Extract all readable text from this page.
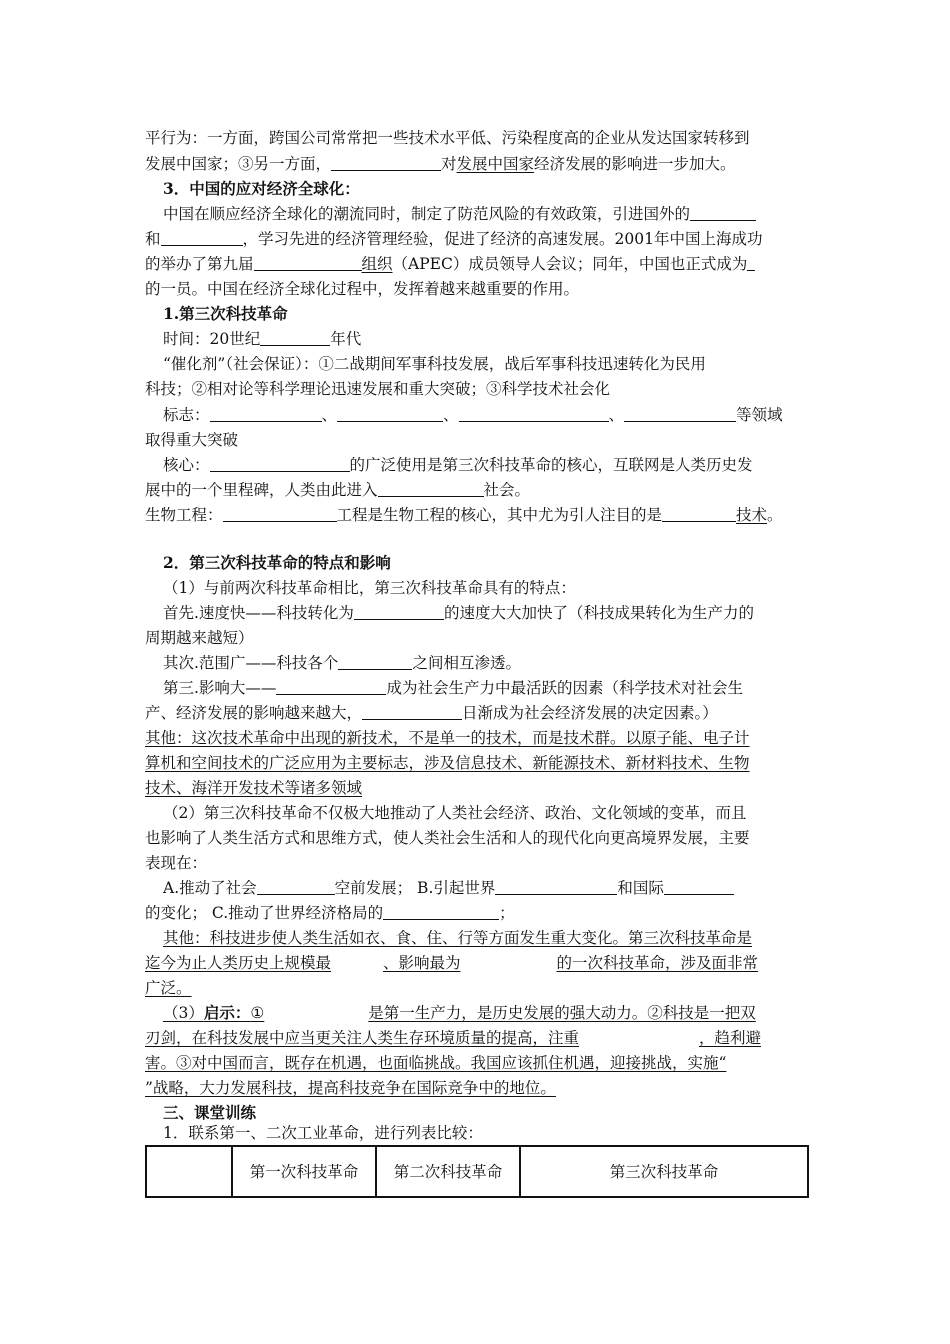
平行为：一方面，跨国公司常常把一些技术水平低、污染程度高的企业从发达国家转移到
发展中国家；③另一方面，	对发展中国家经济发展的影响进一步加大。
3．中国的应对经济全球化：
中国在顺应经济全球化的潮流同时，制定了防范风险的有效政策，引进国外的
和	，学习先进的经济管理经验，促进了经济的高速发展。2001年中国上海成功
的举办了第九届	组织（APEC）成员领导人会议；同年，中国也正式成为
的一员。中国在经济全球化过程中，发挥着越来越重要的作用。
1.第三次科技革命
时间：20世纪	年代
“催化剂”（社会保证）：①二战期间军事科技发展，战后军事科技迅速转化为民用
科技；②相对论等科学理论迅速发展和重大突破；③科学技术社会化
标志：	、	、	、	等领域
取得重大突破
核心：	的广泛使用是第三次科技革命的核心，互联网是人类历史发
展中的一个里程碑，人类由此进入	社会。
生物工程：	工程是生物工程的核心，其中尤为引人注目的是	技术。
2．第三次科技革命的特点和影响
（1）与前两次科技革命相比，第三次科技革命具有的特点：
首先.速度快——科技转化为	的速度大大加快了（科技成果转化为生产力的
周期越来越短）
其次.范围广——科技各个	之间相互渗透。
第三.影响大——	成为社会生产力中最活跃的因素（科学技术对社会生
产、经济发展的影响越来越大，	日渐成为社会经济发展的决定因素。）
其他：这次技术革命中出现的新技术，不是单一的技术，而是技术群。以原子能、电子计
算机和空间技术的广泛应用为主要标志，涉及信息技术、新能源技术、新材料技术、生物
技术、海洋开发技术等诸多领域
（2）第三次科技革命不仅极大地推动了人类社会经济、政治、文化领域的变革，而且
也影响了人类生活方式和思维方式，使人类社会生活和人的现代化向更高境界发展，主要
表现在：
A.推动了社会	空前发展； B.引起世界	和国际
的变化； C.推动了世界经济格局的	；
其他：科技进步使人类生活如衣、食、住、行等方面发生重大变化。第三次科技革命是
迄今为止人类历史上规模最	、影响最为	的一次科技革命，涉及面非常
广泛。
（3）启示：①	是第一生产力，是历史发展的强大动力。②科技是一把双
刃剑，在科技发展中应当更关注人类生存环境质量的提高，注重	，趋利避
害。③对中国而言，既存在机遇，也面临挑战。我国应该抓住机遇，迎接挑战，实施“
”战略，大力发展科技，提高科技竞争在国际竞争中的地位。
三、课堂训练
1．联系第一、二次工业革命，进行列表比较：
	第一次科技革命	第二次科技革命	第三次科技革命
